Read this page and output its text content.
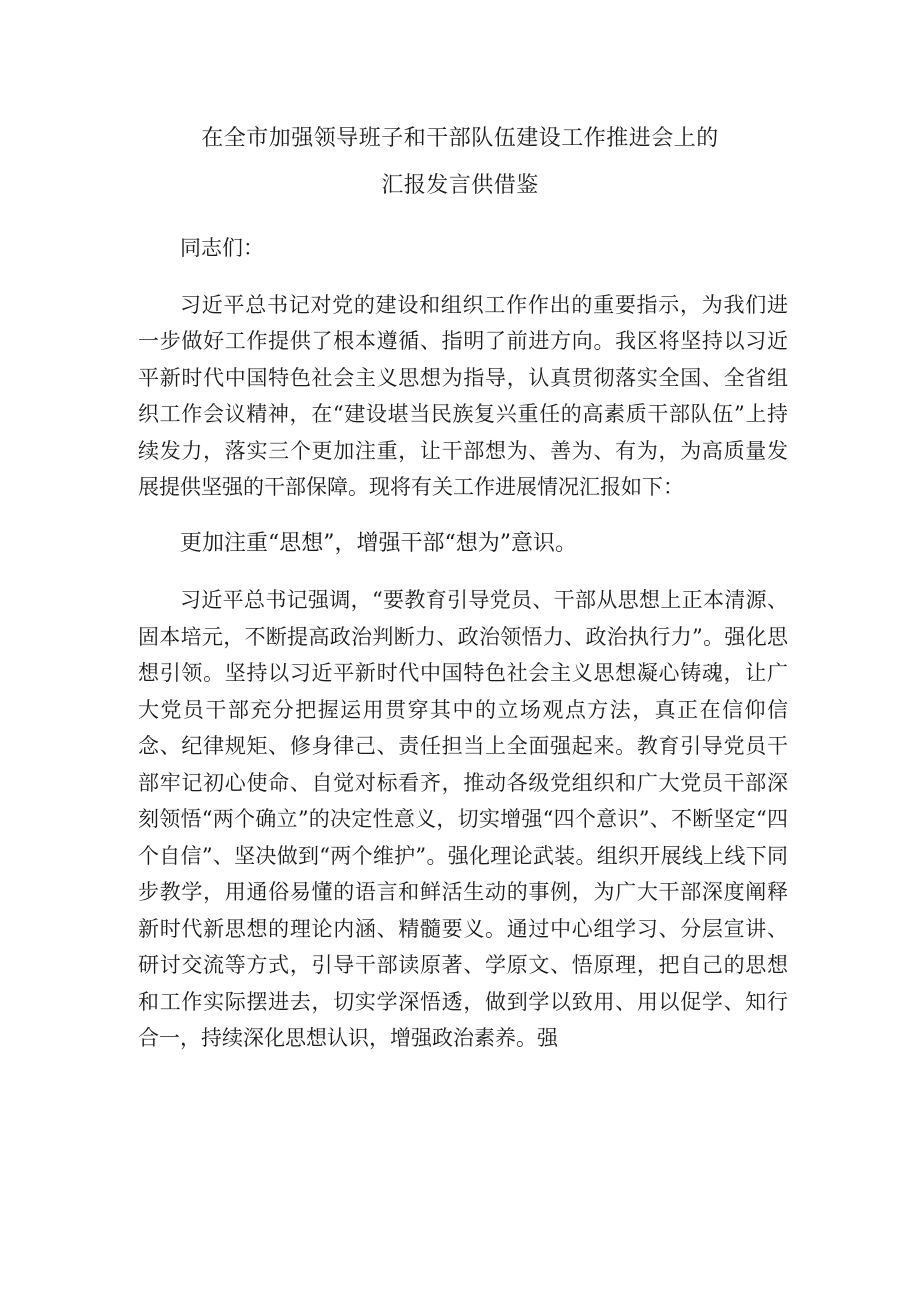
在全市加强领导班子和干部队伍建设工作推进会上的
汇报发言供借鉴

同志们：

习近平总书记对党的建设和组织工作作出的重要指示，为我们进一步做好工作提供了根本遵循、指明了前进方向。我区将坚持以习近平新时代中国特色社会主义思想为指导，认真贯彻落实全国、全省组织工作会议精神，在“建设堪当民族复兴重任的高素质干部队伍”上持续发力，落实三个更加注重，让干部想为、善为、有为，为高质量发展提供坚强的干部保障。现将有关工作进展情况汇报如下：

更加注重“思想”，增强干部“想为”意识。

习近平总书记强调，“要教育引导党员、干部从思想上正本清源、固本培元，不断提高政治判断力、政治领悟力、政治执行力”。强化思想引领。坚持以习近平新时代中国特色社会主义思想凝心铸魂，让广大党员干部充分把握运用贯穿其中的立场观点方法，真正在信仰信念、纪律规矩、修身律己、责任担当上全面强起来。教育引导党员干部牢记初心使命、自觉对标看齐，推动各级党组织和广大党员干部深刻领悟“两个确立”的决定性意义，切实增强“四个意识”、不断坚定“四个自信”、坚决做到“两个维护”。强化理论武装。组织开展线上线下同步教学，用通俗易懂的语言和鲜活生动的事例，为广大干部深度阐释新时代新思想的理论内涵、精髓要义。通过中心组学习、分层宣讲、研讨交流等方式，引导干部读原著、学原文、悟原理，把自己的思想和工作实际摆进去，切实学深悟透，做到学以致用、用以促学、知行合一，持续深化思想认识，增强政治素养。强
